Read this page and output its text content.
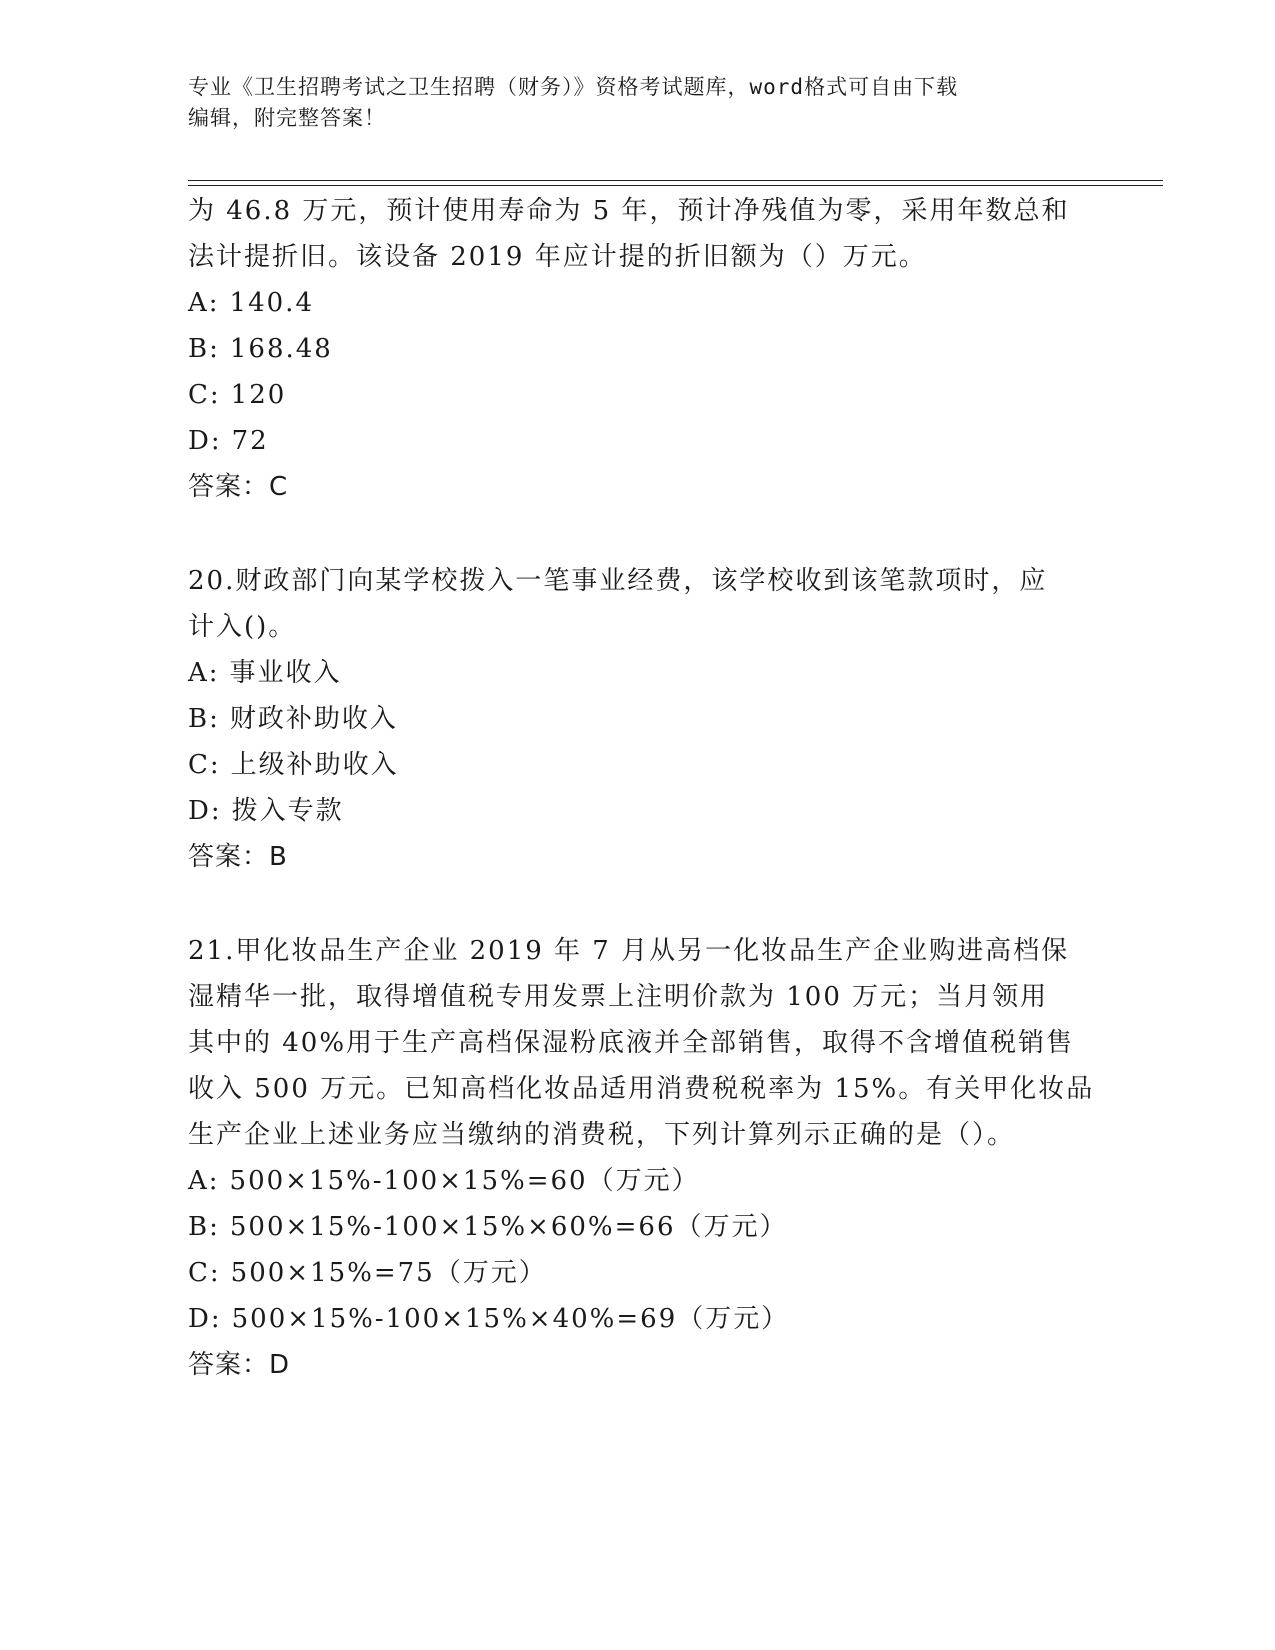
专业《卫生招聘考试之卫生招聘（财务）》资格考试题库，word格式可自由下载
编辑，附完整答案！
为 46.8 万元，预计使用寿命为 5 年，预计净残值为零，采用年数总和
法计提折旧。该设备 2019 年应计提的折旧额为（）万元。
A: 140.4
B: 168.48
C: 120
D: 72
答案：C
20.财政部门向某学校拨入一笔事业经费，该学校收到该笔款项时，应
计入()。
A: 事业收入
B: 财政补助收入
C: 上级补助收入
D: 拨入专款
答案：B
21.甲化妆品生产企业 2019 年 7 月从另一化妆品生产企业购进高档保
湿精华一批，取得增值税专用发票上注明价款为 100 万元；当月领用
其中的 40%用于生产高档保湿粉底液并全部销售，取得不含增值税销售
收入 500 万元。已知高档化妆品适用消费税税率为 15%。有关甲化妆品
生产企业上述业务应当缴纳的消费税，下列计算列示正确的是（）。
A: 500×15%-100×15%=60（万元）
B: 500×15%-100×15%×60%=66（万元）
C: 500×15%=75（万元）
D: 500×15%-100×15%×40%=69（万元）
答案：D
